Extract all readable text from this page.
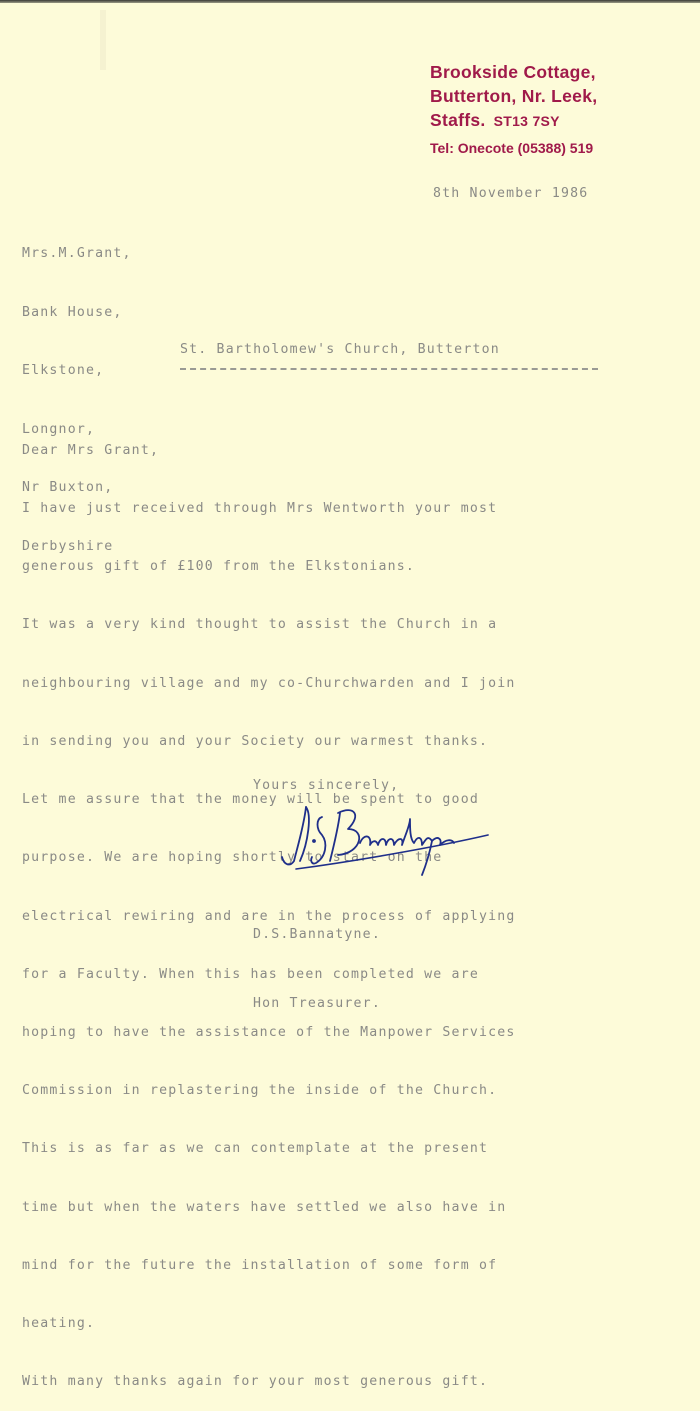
Brookside Cottage,
Butterton, Nr. Leek,
Staffs. ST13 7SY
Tel: Onecote (05388) 519
8th November 1986

Mrs.M.Grant,

Bank House,

Elkstone,

Longnor,

Nr Buxton,

Derbyshire

St. Bartholomew's Church, Butterton

Dear Mrs Grant,

I have just received through Mrs Wentworth your most

generous gift of £100 from the Elkstonians.

It was a very kind thought to assist the Church in a

neighbouring village and my co-Churchwarden and I join

in sending you and your Society our warmest thanks.

Let me assure that the money will be spent to good

purpose. We are hoping shortly to start on the

electrical rewiring and are in the process of applying

for a Faculty. When this has been completed we are

hoping to have the assistance of the Manpower Services

Commission in replastering the inside of the Church.

This is as far as we can contemplate at the present

time but when the waters have settled we also have in

mind for the future the installation of some form of

heating.

With many thanks again for your most generous gift.

Yours sincerely,

D.S.Bannatyne.

Hon Treasurer.
